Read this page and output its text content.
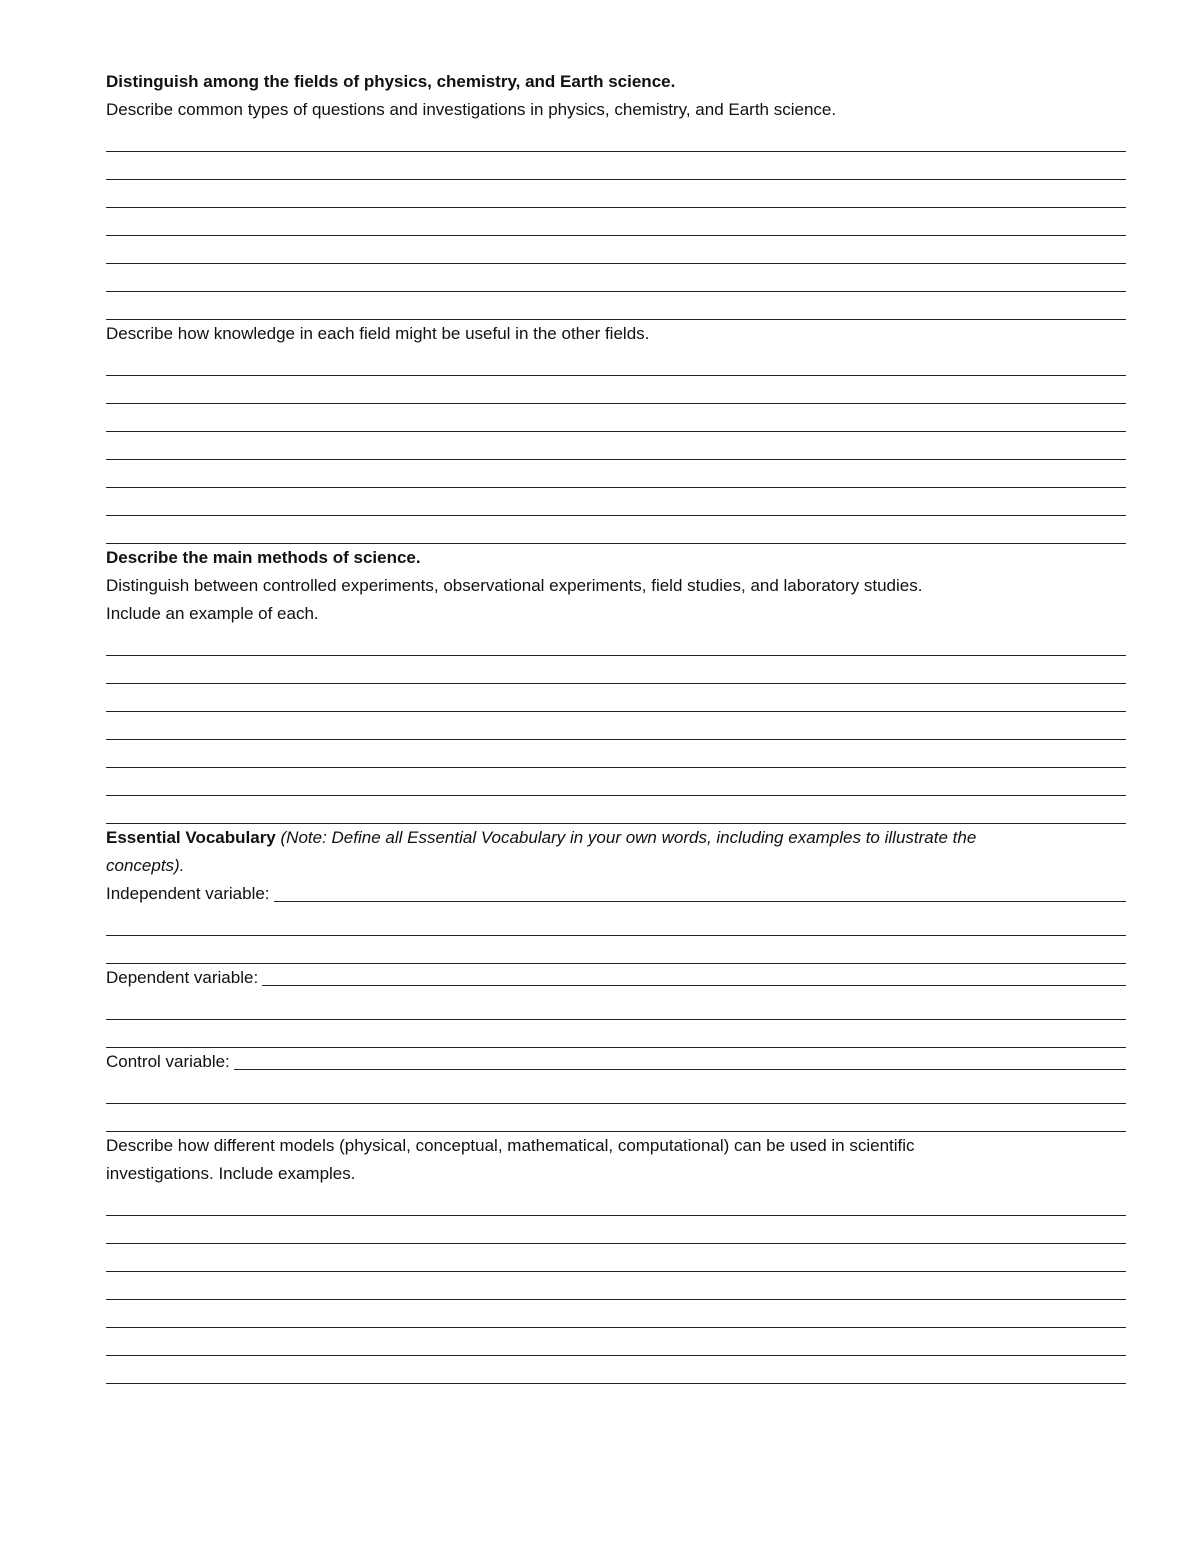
Distinguish among the fields of physics, chemistry, and Earth science.
Describe common types of questions and investigations in physics, chemistry, and Earth science.
Describe how knowledge in each field might be useful in the other fields.
Describe the main methods of science.
Distinguish between controlled experiments, observational experiments, field studies, and laboratory studies.
Include an example of each.
Essential Vocabulary (Note: Define all Essential Vocabulary in your own words, including examples to illustrate the
concepts).
Independent variable:
Dependent variable:
Control variable:
Describe how different models (physical, conceptual, mathematical, computational) can be used in scientific
investigations. Include examples.
